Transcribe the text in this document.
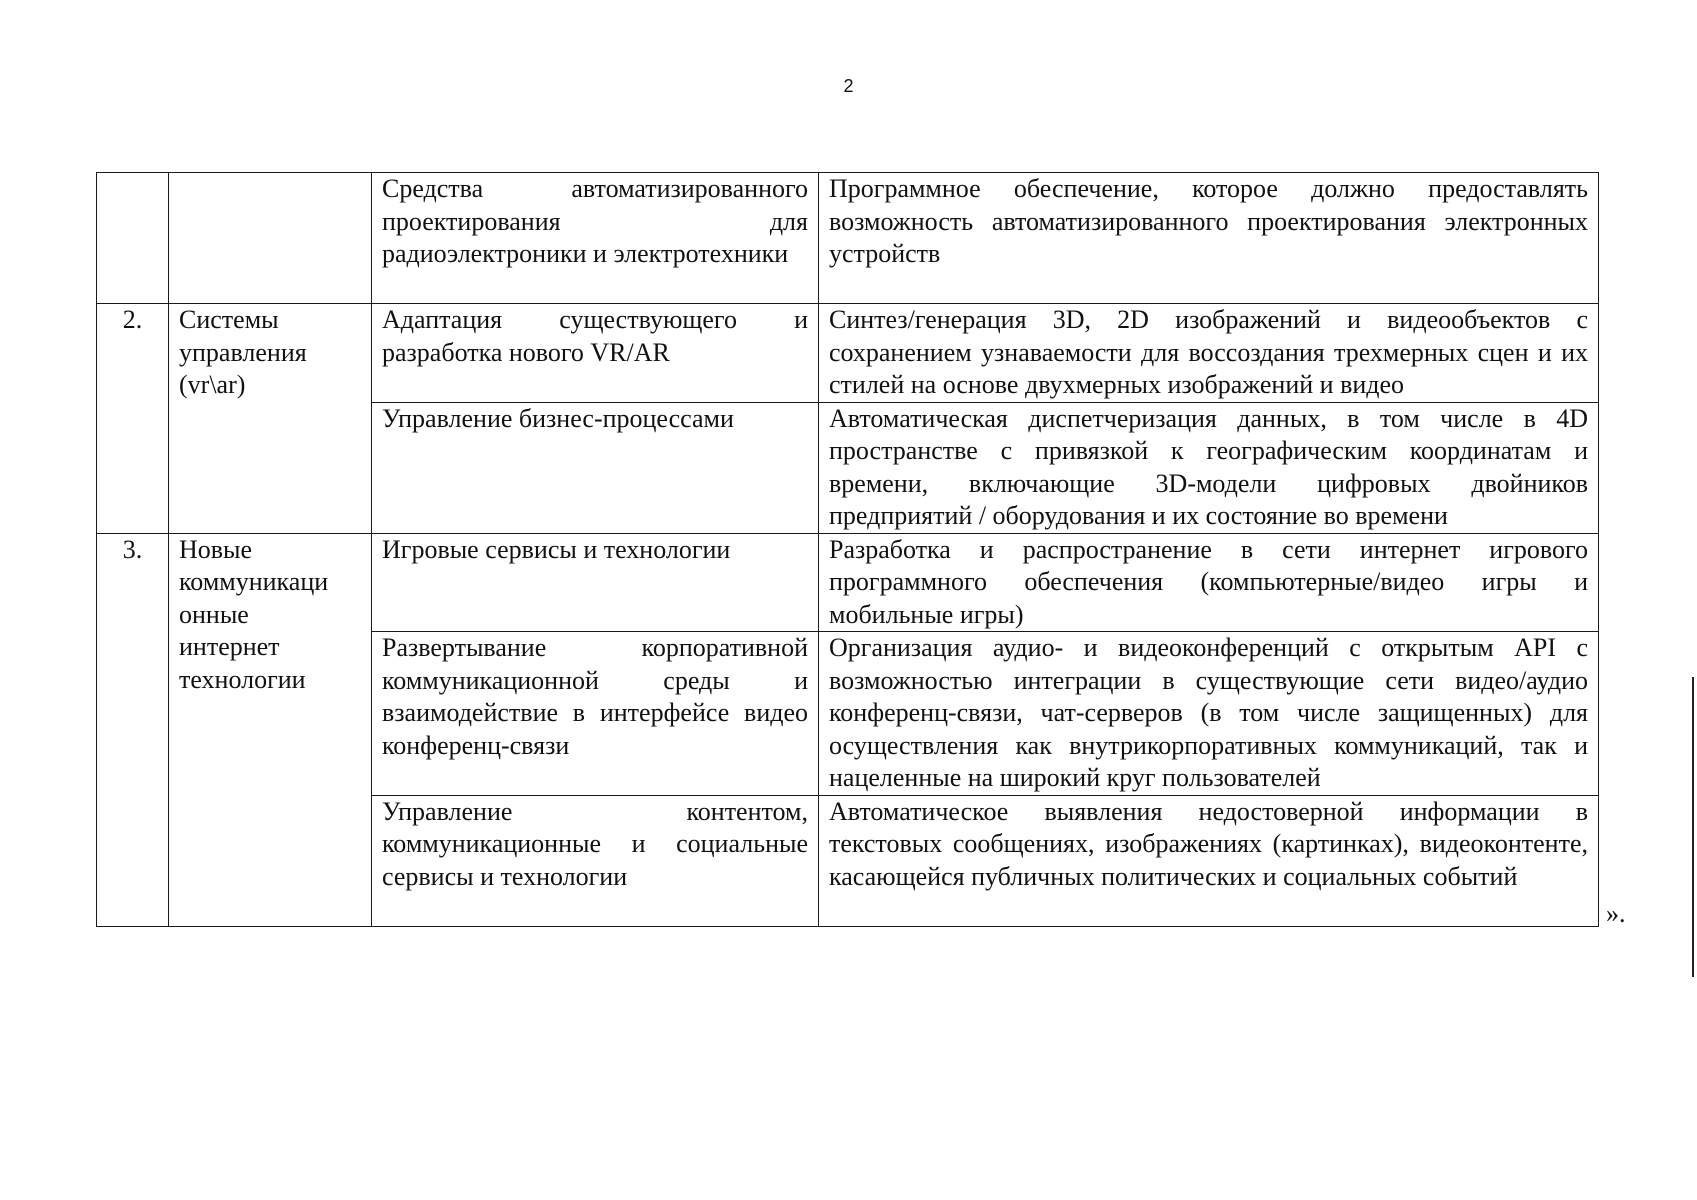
2

		Средства автоматизированного проектирования для радиоэлектроники и электротехники	Программное обеспечение, которое должно предоставлять возможность автоматизированного проектирования электронных устройств

2.	Системы
управления
(vr\ar)	Адаптация существующего и разработка нового VR/AR	Синтез/генерация 3D, 2D изображений и видеообъектов с сохранением узнаваемости для воссоздания трехмерных сцен и их стилей на основе двухмерных изображений и видео

		Управление бизнес-процессами	Автоматическая диспетчеризация данных, в том числе в 4D пространстве с привязкой к географическим координатам и времени, включающие 3D-модели цифровых двойников предприятий / оборудования и их состояние во времени

3.	Новые
коммуникаци
онные
интернет
технологии	Игровые сервисы и технологии	Разработка и распространение в сети интернет игрового программного обеспечения (компьютерные/видео игры и мобильные игры)

		Развертывание корпоративной коммуникационной среды и взаимодействие в интерфейсе видео конференц-связи	Организация аудио- и видеоконференций с открытым API с возможностью интеграции в существующие сети видео/аудио конференц-связи, чат-серверов (в том числе защищенных) для осуществления как внутрикорпоративных коммуникаций, так и нацеленные на широкий круг пользователей

		Управление контентом, коммуникационные и социальные сервисы и технологии	Автоматическое выявления недостоверной информации в текстовых сообщениях, изображениях (картинках), видеоконтенте, касающейся публичных политических и социальных событий
».
